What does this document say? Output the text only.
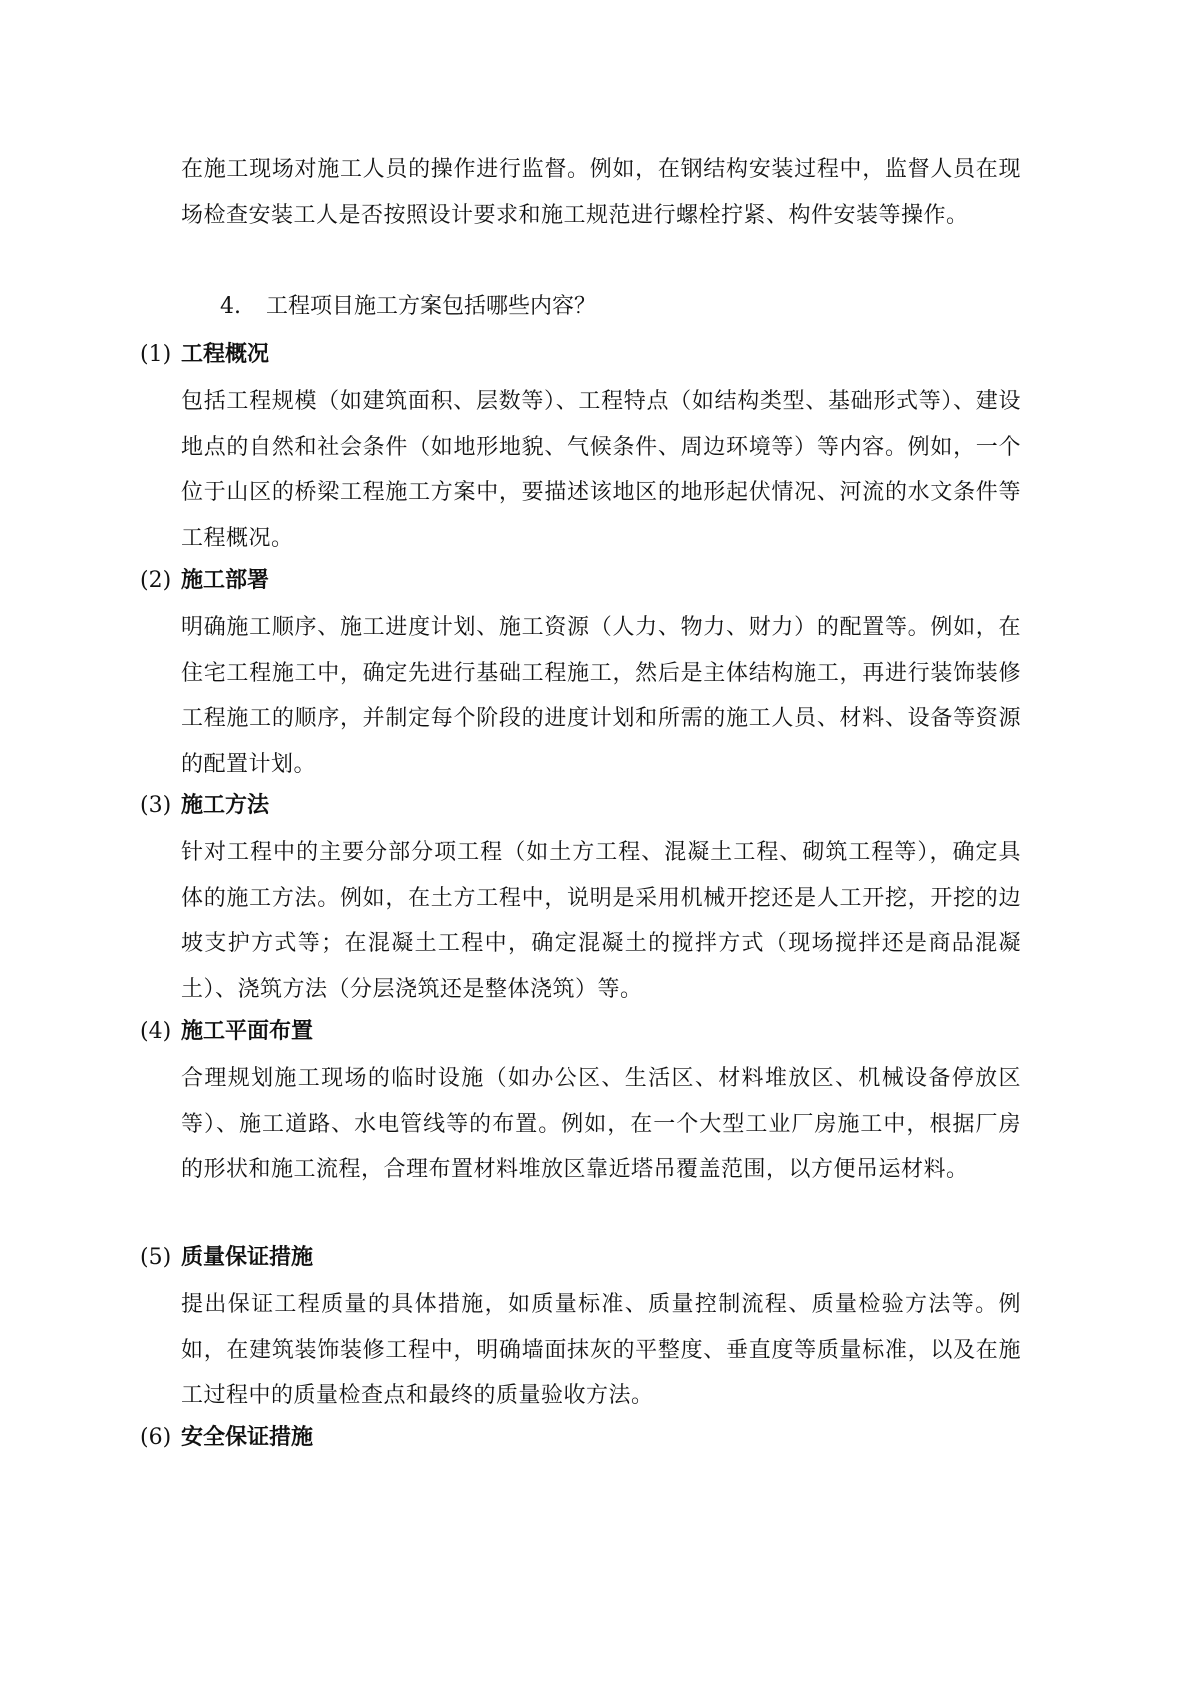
在施工现场对施工人员的操作进行监督。例如，在钢结构安装过程中，监督人员在现场检查安装工人是否按照设计要求和施工规范进行螺栓拧紧、构件安装等操作。

4. 工程项目施工方案包括哪些内容？

(1) 工程概况

包括工程规模（如建筑面积、层数等）、工程特点（如结构类型、基础形式等）、建设地点的自然和社会条件（如地形地貌、气候条件、周边环境等）等内容。例如，一个位于山区的桥梁工程施工方案中，要描述该地区的地形起伏情况、河流的水文条件等工程概况。

(2) 施工部署

明确施工顺序、施工进度计划、施工资源（人力、物力、财力）的配置等。例如，在住宅工程施工中，确定先进行基础工程施工，然后是主体结构施工，再进行装饰装修工程施工的顺序，并制定每个阶段的进度计划和所需的施工人员、材料、设备等资源的配置计划。

(3) 施工方法

针对工程中的主要分部分项工程（如土方工程、混凝土工程、砌筑工程等），确定具体的施工方法。例如，在土方工程中，说明是采用机械开挖还是人工开挖，开挖的边坡支护方式等；在混凝土工程中，确定混凝土的搅拌方式（现场搅拌还是商品混凝土）、浇筑方法（分层浇筑还是整体浇筑）等。

(4) 施工平面布置

合理规划施工现场的临时设施（如办公区、生活区、材料堆放区、机械设备停放区等）、施工道路、水电管线等的布置。例如，在一个大型工业厂房施工中，根据厂房的形状和施工流程，合理布置材料堆放区靠近塔吊覆盖范围，以方便吊运材料。

(5) 质量保证措施

提出保证工程质量的具体措施，如质量标准、质量控制流程、质量检验方法等。例如，在建筑装饰装修工程中，明确墙面抹灰的平整度、垂直度等质量标准，以及在施工过程中的质量检查点和最终的质量验收方法。

(6) 安全保证措施
